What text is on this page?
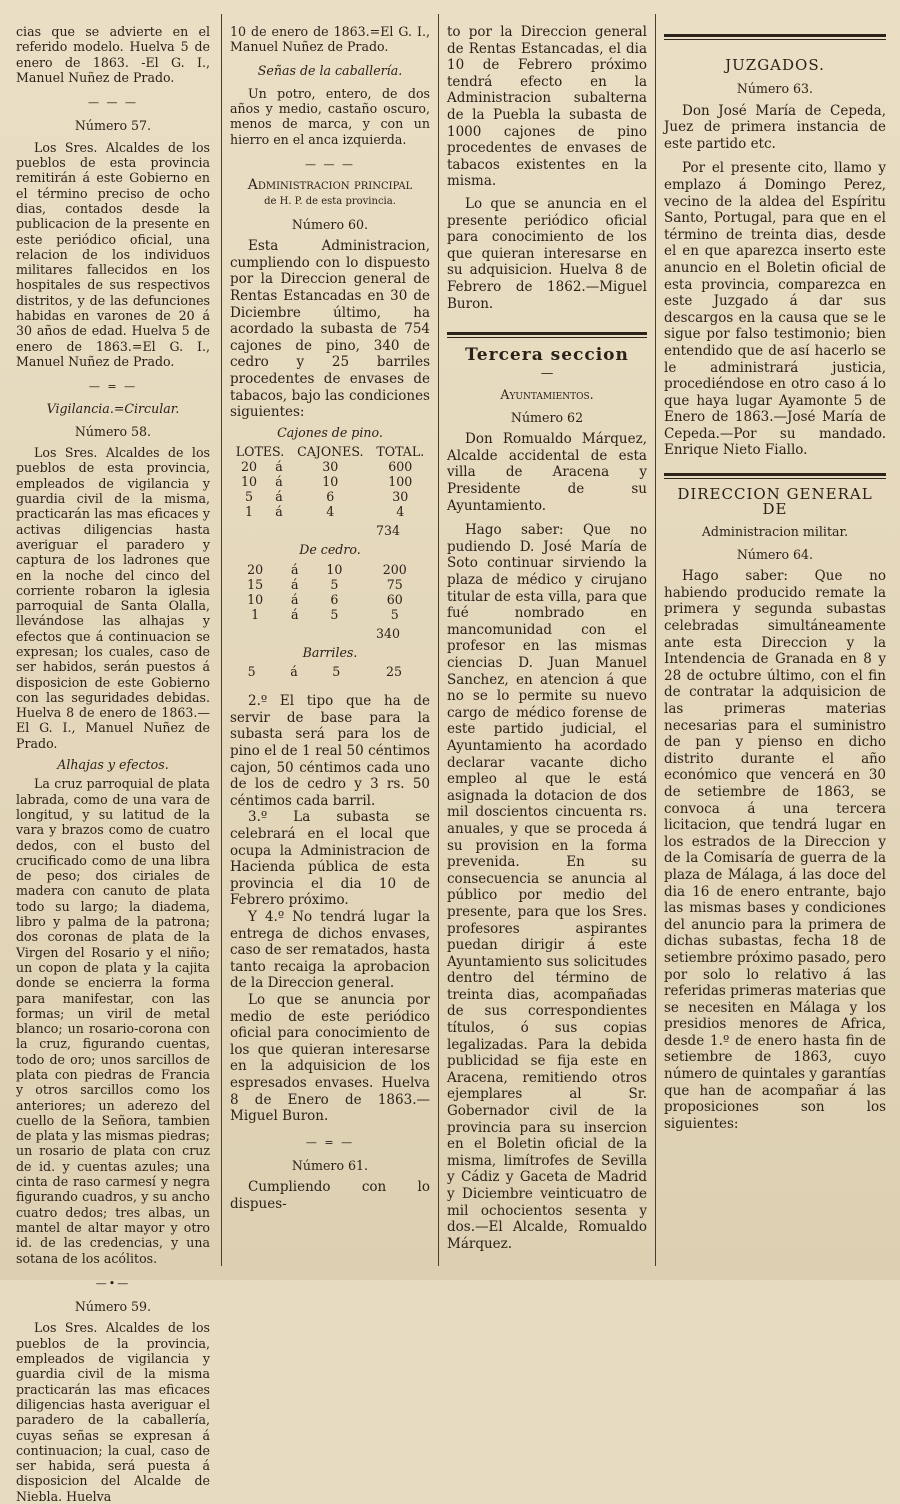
cias que se advierte en el referido modelo. Huelva 5 de enero de 1863. -El G. I., Manuel Nuñez de Prado.

— — —
Número 57.

Los Sres. Alcaldes de los pueblos de esta provincia remitirán á este Gobierno en el término preciso de ocho dias, contados desde la publicacion de la presente en este periódico oficial, una relacion de los individuos militares fallecidos en los hospitales de sus respectivos distritos, y de las defunciones habidas en varones de 20 á 30 años de edad. Huelva 5 de enero de 1863.=El G. I., Manuel Nuñez de Prado.

— = —
Vigilancia.=Circular.
Número 58.

Los Sres. Alcaldes de los pueblos de esta provincia, empleados de vigilancia y guardia civil de la misma, practicarán las mas eficaces y activas diligencias hasta averiguar el paradero y captura de los ladrones que en la noche del cinco del corriente robaron la iglesia parroquial de Santa Olalla, llevándose las alhajas y efectos que á continuacion se expresan; los cuales, caso de ser habidos, serán puestos á disposicion de este Gobierno con las seguridades debidas. Huelva 8 de enero de 1863.—El G. I., Manuel Nuñez de Prado.

Alhajas y efectos.

La cruz parroquial de plata labrada, como de una vara de longitud, y su latitud de la vara y brazos como de cuatro dedos, con el busto del crucificado como de una libra de peso; dos ciriales de madera con canuto de plata todo su largo; la diadema, libro y palma de la patrona; dos coronas de plata de la Virgen del Rosario y el niño; un copon de plata y la cajita donde se encierra la forma para manifestar, con las formas; un viril de metal blanco; un rosario-corona con la cruz, figurando cuentas, todo de oro; unos sarcillos de plata con piedras de Francia y otros sarcillos como los anteriores; un aderezo del cuello de la Señora, tambien de plata y las mismas piedras; un rosario de plata con cruz de id. y cuentas azules; una cinta de raso carmesí y negra figurando cuadros, y su ancho cuatro dedos; tres albas, un mantel de altar mayor y otro id. de las credencias, y una sotana de los acólitos.

—•—
Número 59.

Los Sres. Alcaldes de los pueblos de la provincia, empleados de vigilancia y guardia civil de la misma practicarán las mas eficaces diligencias hasta averiguar el paradero de la caballería, cuyas señas se expresan á continuacion; la cual, caso de ser habida, será puesta á disposicion del Alcalde de Niebla. Huelva

10 de enero de 1863.=El G. I., Manuel Nuñez de Prado.

Señas de la caballería.

Un potro, entero, de dos años y medio, castaño oscuro, menos de marca, y con un hierro en el anca izquierda.

— — —
Administracion principal
de H. P. de esta provincia.
Número 60.

Esta Administracion, cumpliendo con lo dispuesto por la Direccion general de Rentas Estancadas en 30 de Diciembre último, ha acordado la subasta de 754 cajones de pino, 340 de cedro y 25 barriles procedentes de envases de tabacos, bajo las condiciones siguientes:

Cajones de pino.
LOTES.		CAJONES.	TOTAL.
20	á	30	600
10	á	10	100
5	á	6	30
1	á	4	4
734
De cedro.
20	á	10	200
15	á	5	75
10	á	6	60
1	á	5	5
340
Barriles.
5	á	5	25

2.º El tipo que ha de servir de base para la subasta será para los de pino el de 1 real 50 céntimos cajon, 50 céntimos cada uno de los de cedro y 3 rs. 50 céntimos cada barril.

3.º La subasta se celebrará en el local que ocupa la Administracion de Hacienda pública de esta provincia el dia 10 de Febrero próximo.

Y 4.º No tendrá lugar la entrega de dichos envases, caso de ser rematados, hasta tanto recaiga la aprobacion de la Direccion general.

Lo que se anuncia por medio de este periódico oficial para conocimiento de los que quieran interesarse en la adquisicion de los espresados envases. Huelva 8 de Enero de 1863.—Miguel Buron.

— = —
Número 61.

Cumpliendo con lo dispues-

to por la Direccion general de Rentas Estancadas, el dia 10 de Febrero próximo tendrá efecto en la Administracion subalterna de la Puebla la subasta de 1000 cajones de pino procedentes de envases de tabacos existentes en la misma.

Lo que se anuncia en el presente periódico oficial para conocimiento de los que quieran interesarse en su adquisicion. Huelva 8 de Febrero de 1862.—Miguel Buron.

Tercera seccion
—
Ayuntamientos.
Número 62

Don Romualdo Márquez, Alcalde accidental de esta villa de Aracena y Presidente de su Ayuntamiento.

Hago saber: Que no pudiendo D. José María de Soto continuar sirviendo la plaza de médico y cirujano titular de esta villa, para que fué nombrado en mancomunidad con el profesor en las mismas ciencias D. Juan Manuel Sanchez, en atencion á que no se lo permite su nuevo cargo de médico forense de este partido judicial, el Ayuntamiento ha acordado declarar vacante dicho empleo al que le está asignada la dotacion de dos mil doscientos cincuenta rs. anuales, y que se proceda á su provision en la forma prevenida. En su consecuencia se anuncia al público por medio del presente, para que los Sres. profesores aspirantes puedan dirigir á este Ayuntamiento sus solicitudes dentro del término de treinta dias, acompañadas de sus correspondientes títulos, ó sus copias legalizadas. Para la debida publicidad se fija este en Aracena, remitiendo otros ejemplares al Sr. Gobernador civil de la provincia para su insercion en el Boletin oficial de la misma, limítrofes de Sevilla y Cádiz y Gaceta de Madrid y Diciembre veinticuatro de mil ochocientos sesenta y dos.—El Alcalde, Romualdo Márquez.

JUZGADOS.
Número 63.

Don José María de Cepeda, Juez de primera instancia de este partido etc.

Por el presente cito, llamo y emplazo á Domingo Perez, vecino de la aldea del Espíritu Santo, Portugal, para que en el término de treinta dias, desde el en que aparezca inserto este anuncio en el Boletin oficial de esta provincia, comparezca en este Juzgado á dar sus descargos en la causa que se le sigue por falso testimonio; bien entendido que de así hacerlo se le administrará justicia, procediéndose en otro caso á lo que haya lugar Ayamonte 5 de Enero de 1863.—José María de Cepeda.—Por su mandado. Enrique Nieto Fiallo.

DIRECCION GENERAL DE
Administracion militar.
Número 64.

Hago saber: Que no habiendo producido remate la primera y segunda subastas celebradas simultáneamente ante esta Direccion y la Intendencia de Granada en 8 y 28 de octubre último, con el fin de contratar la adquisicion de las primeras materias necesarias para el suministro de pan y pienso en dicho distrito durante el año económico que vencerá en 30 de setiembre de 1863, se convoca á una tercera licitacion, que tendrá lugar en los estrados de la Direccion y de la Comisaría de guerra de la plaza de Málaga, á las doce del dia 16 de enero entrante, bajo las mismas bases y condiciones del anuncio para la primera de dichas subastas, fecha 18 de setiembre próximo pasado, pero por solo lo relativo á las referidas primeras materias que se necesiten en Málaga y los presidios menores de Africa, desde 1.º de enero hasta fin de setiembre de 1863, cuyo número de quintales y garantías que han de acompañar á las proposiciones son los siguientes:
